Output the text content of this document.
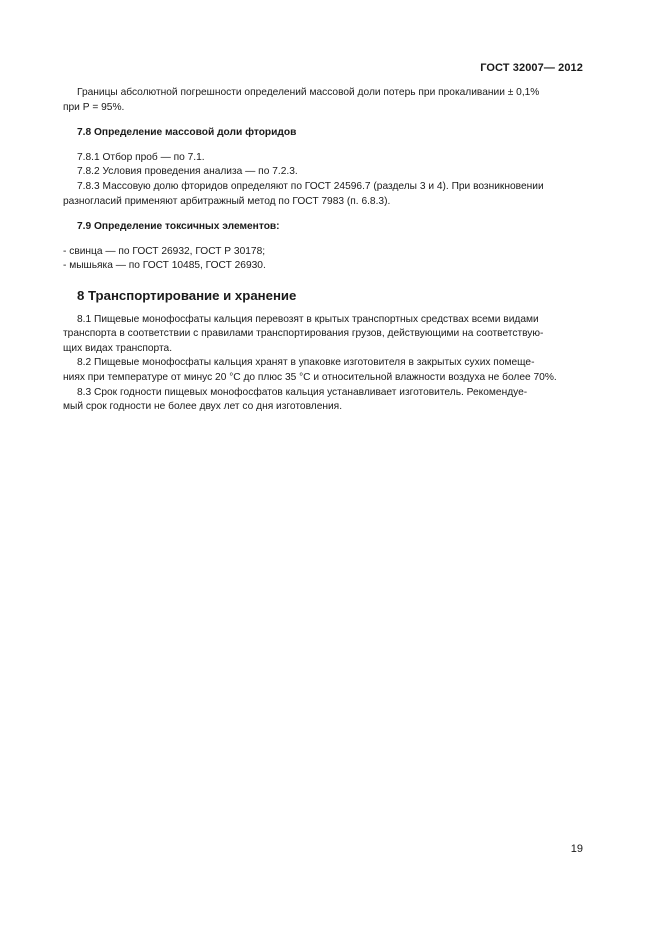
ГОСТ 32007— 2012

Границы абсолютной погрешности определений массовой доли потерь при прокаливании ± 0,1%

при Р = 95%.

7.8 Определение массовой доли фторидов

7.8.1 Отбор проб — по 7.1.

7.8.2 Условия проведения анализа — по 7.2.3.

7.8.3 Массовую долю фторидов определяют по ГОСТ 24596.7 (разделы 3 и 4). При возникновении

разногласий применяют арбитражный метод по ГОСТ 7983 (п. 6.8.3).

7.9 Определение токсичных элементов:

- свинца — по ГОСТ 26932, ГОСТ Р 30178;

- мышьяка — по ГОСТ 10485, ГОСТ 26930.

8 Транспортирование и хранение

8.1 Пищевые монофосфаты кальция перевозят в крытых транспортных средствах всеми видами

транспорта в соответствии с правилами транспортирования грузов, действующими на соответствую-

щих видах транспорта.

8.2 Пищевые монофосфаты кальция хранят в упаковке изготовителя в закрытых сухих помеще-

ниях при температуре от минус 20 °С до плюс 35 °С и относительной влажности воздуха не более 70%.

8.3 Срок годности пищевых монофосфатов кальция устанавливает изготовитель. Рекомендуе-

мый срок годности не более двух лет со дня изготовления.

19
